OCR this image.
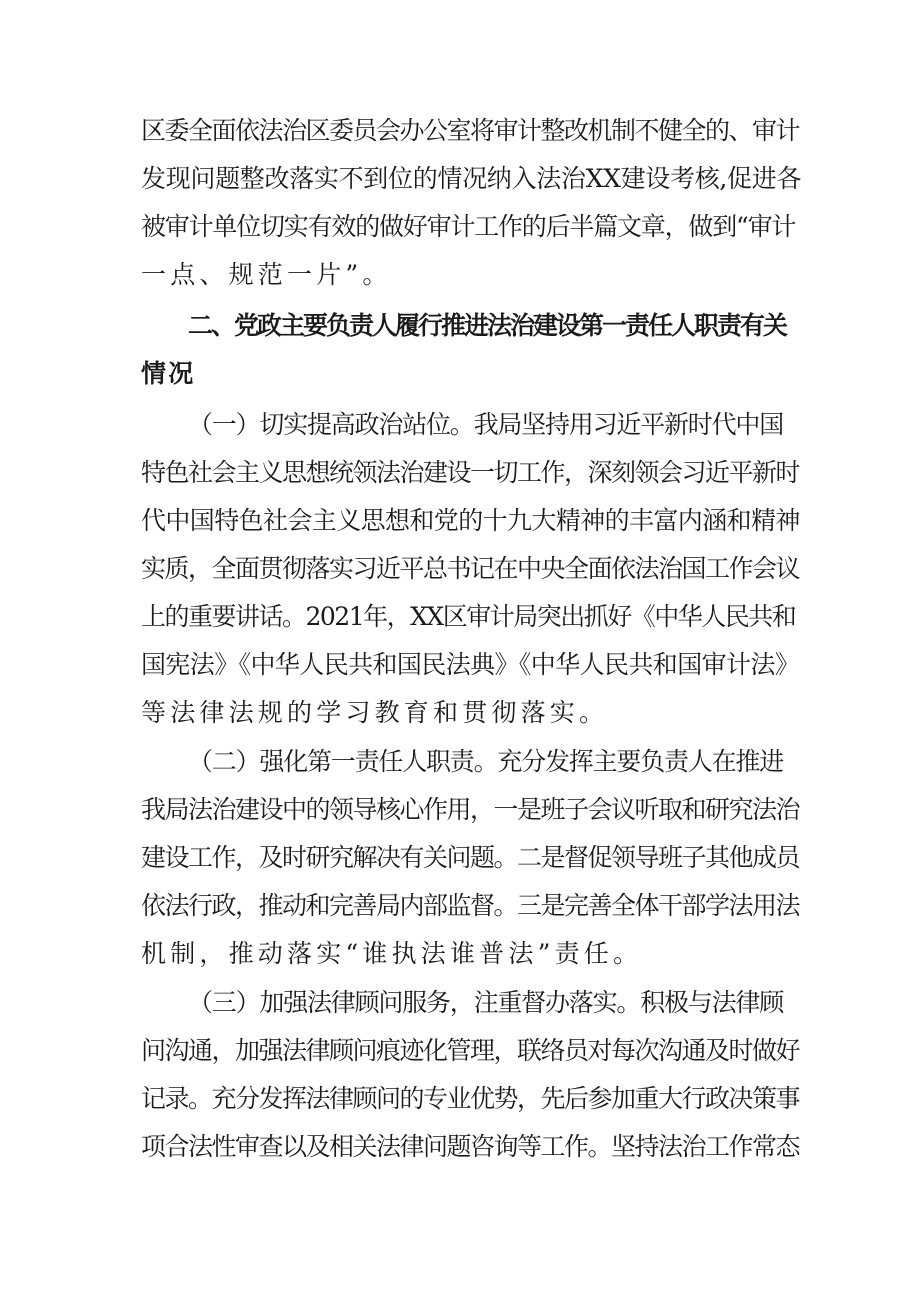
区委全面依法治区委员会办公室将审计整改机制不健全的、审计
发现问题整改落实不到位的情况纳入法治XX建设考核,促进各
被审计单位切实有效的做好审计工作的后半篇文章，做到“审计
一点、规范一片”。
二、党政主要负责人履行推进法治建设第一责任人职责有关
情况
（一）切实提高政治站位。我局坚持用习近平新时代中国
特色社会主义思想统领法治建设一切工作，深刻领会习近平新时
代中国特色社会主义思想和党的十九大精神的丰富内涵和精神
实质，全面贯彻落实习近平总书记在中央全面依法治国工作会议
上的重要讲话。2021年，XX区审计局突出抓好《中华人民共和
国宪法》《中华人民共和国民法典》《中华人民共和国审计法》
等法律法规的学习教育和贯彻落实。
（二）强化第一责任人职责。充分发挥主要负责人在推进
我局法治建设中的领导核心作用，一是班子会议听取和研究法治
建设工作，及时研究解决有关问题。二是督促领导班子其他成员
依法行政，推动和完善局内部监督。三是完善全体干部学法用法
机制，推动落实“谁执法谁普法”责任。
（三）加强法律顾问服务，注重督办落实。积极与法律顾
问沟通，加强法律顾问痕迹化管理，联络员对每次沟通及时做好
记录。充分发挥法律顾问的专业优势，先后参加重大行政决策事
项合法性审查以及相关法律问题咨询等工作。坚持法治工作常态
